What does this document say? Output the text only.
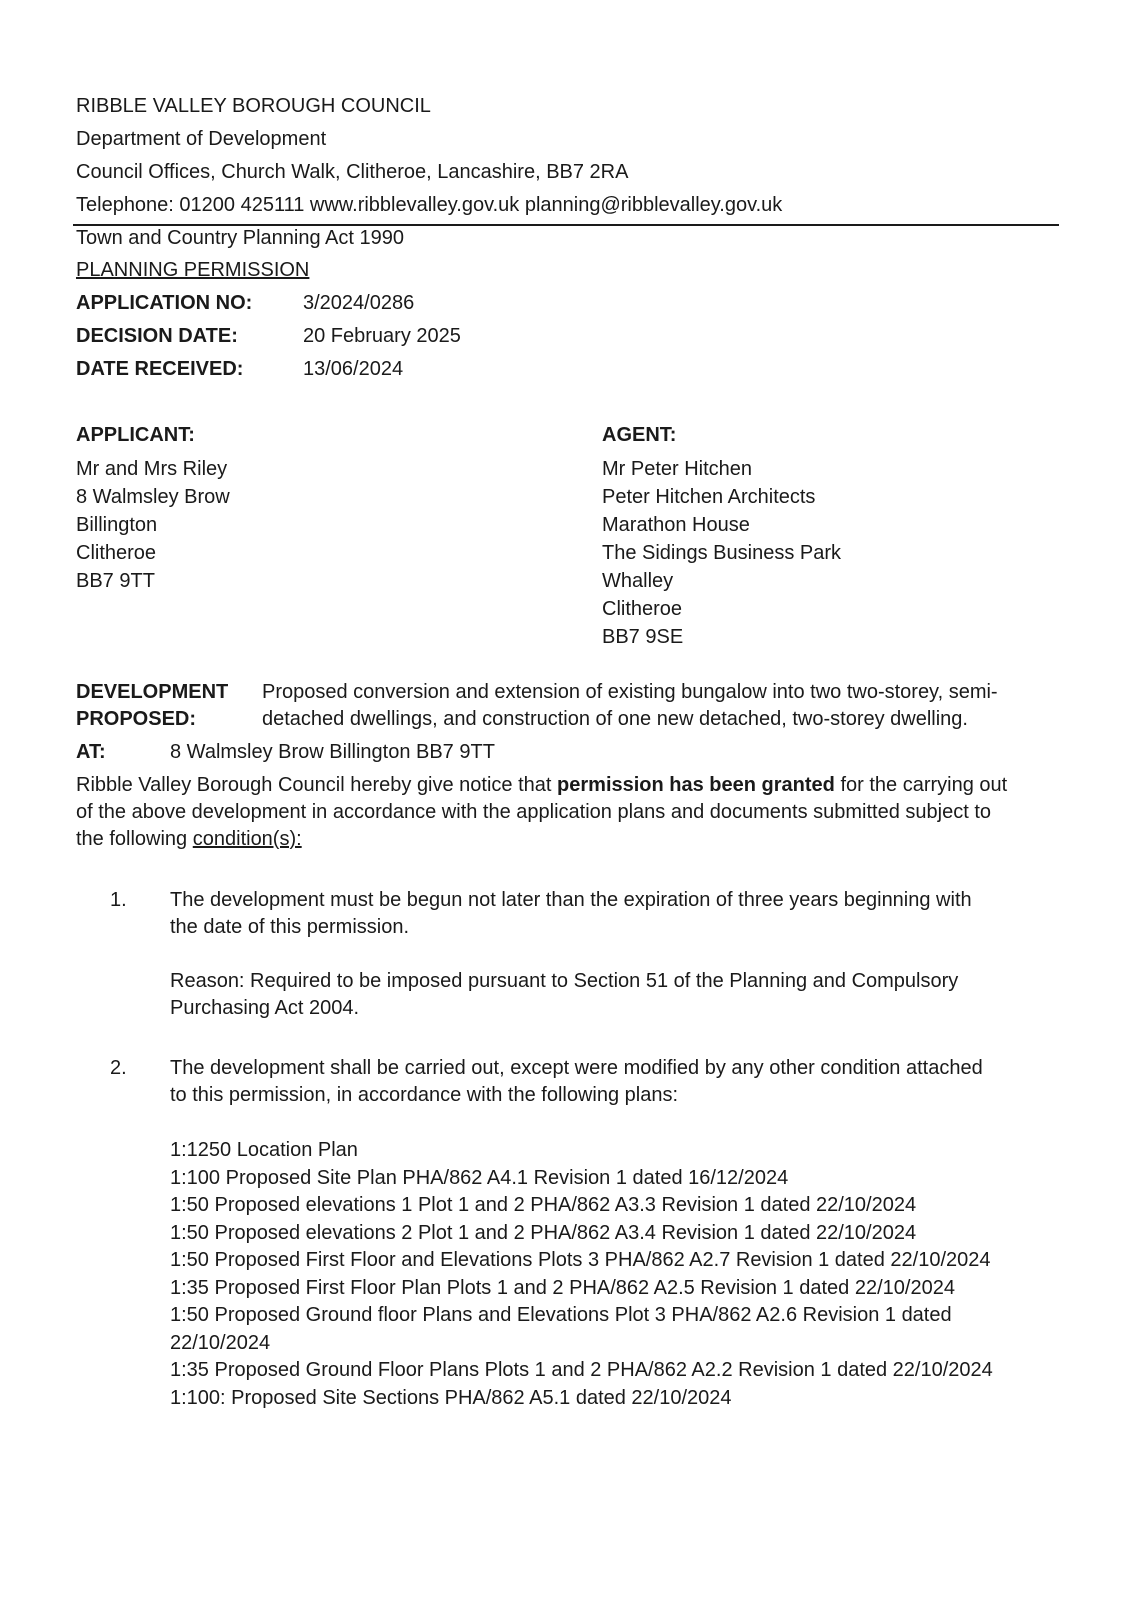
RIBBLE VALLEY BOROUGH COUNCIL
Department of Development
Council Offices, Church Walk, Clitheroe, Lancashire, BB7 2RA
Telephone: 01200 425111 www.ribblevalley.gov.uk planning@ribblevalley.gov.uk
Town and Country Planning Act 1990
PLANNING PERMISSION
APPLICATION NO:	3/2024/0286
DECISION DATE:	20 February 2025
DATE RECEIVED:	13/06/2024
APPLICANT:
Mr and Mrs Riley
8 Walmsley Brow
Billington
Clitheroe
BB7 9TT
AGENT:
Mr Peter Hitchen
Peter Hitchen Architects
Marathon House
The Sidings Business Park
Whalley
Clitheroe
BB7 9SE
DEVELOPMENT
PROPOSED:
Proposed conversion and extension of existing bungalow into two two-storey, semi-
detached dwellings, and construction of one new detached, two-storey dwelling.
AT:	8 Walmsley Brow Billington BB7 9TT
Ribble Valley Borough Council hereby give notice that permission has been granted for the carrying out
of the above development in accordance with the application plans and documents submitted subject to
the following condition(s):
1. The development must be begun not later than the expiration of three years beginning with
the date of this permission.
Reason: Required to be imposed pursuant to Section 51 of the Planning and Compulsory
Purchasing Act 2004.
2. The development shall be carried out, except were modified by any other condition attached
to this permission, in accordance with the following plans:
1:1250 Location Plan
1:100 Proposed Site Plan PHA/862 A4.1 Revision 1 dated 16/12/2024
1:50 Proposed elevations 1 Plot 1 and 2 PHA/862 A3.3 Revision 1 dated 22/10/2024
1:50 Proposed elevations 2 Plot 1 and 2 PHA/862 A3.4 Revision 1 dated 22/10/2024
1:50 Proposed First Floor and Elevations Plots 3 PHA/862 A2.7 Revision 1 dated 22/10/2024
1:35 Proposed First Floor Plan Plots 1 and 2 PHA/862 A2.5 Revision 1 dated 22/10/2024
1:50 Proposed Ground floor Plans and Elevations Plot 3 PHA/862 A2.6 Revision 1 dated
22/10/2024
1:35 Proposed Ground Floor Plans Plots 1 and 2 PHA/862 A2.2 Revision 1 dated 22/10/2024
1:100: Proposed Site Sections PHA/862 A5.1 dated 22/10/2024
